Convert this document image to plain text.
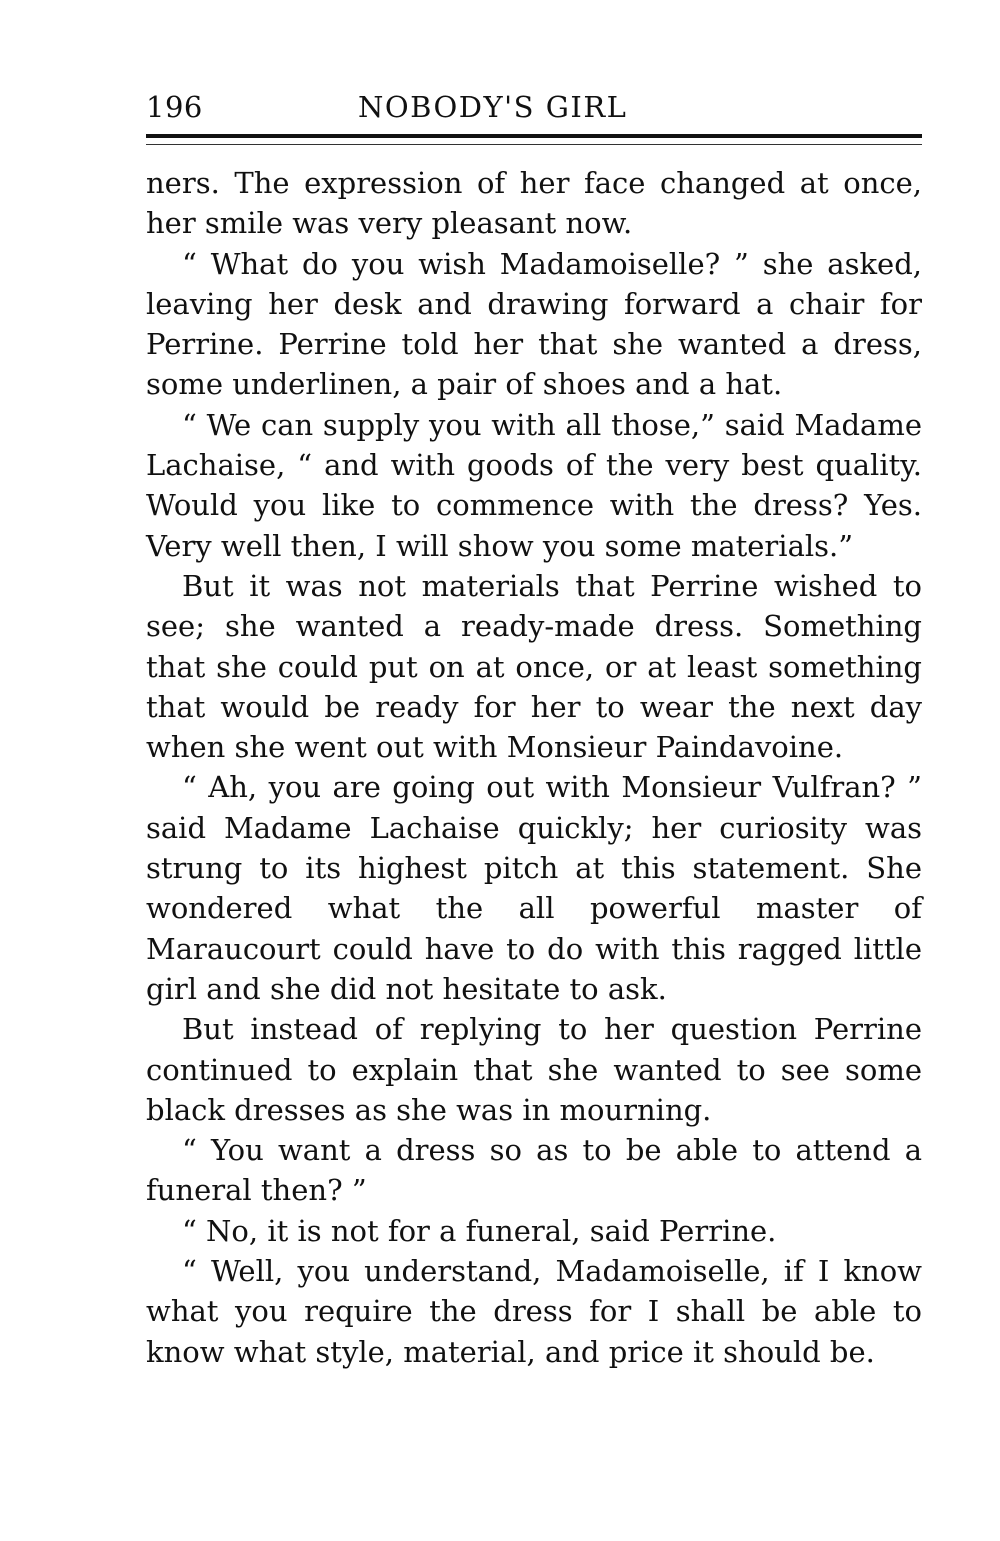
196	NOBODY'S GIRL

ners. The expression of her face changed at once, her smile was very pleasant now.

“ What do you wish Madamoiselle? ” she asked, leaving her desk and drawing forward a chair for Perrine. Perrine told her that she wanted a dress, some underlinen, a pair of shoes and a hat.

“ We can supply you with all those,” said Madame Lachaise, “ and with goods of the very best quality. Would you like to commence with the dress? Yes. Very well then, I will show you some materials.”

But it was not materials that Perrine wished to see; she wanted a ready-made dress. Something that she could put on at once, or at least something that would be ready for her to wear the next day when she went out with Monsieur Paindavoine.

“ Ah, you are going out with Monsieur Vulfran? ” said Madame Lachaise quickly; her curiosity was strung to its highest pitch at this statement. She wondered what the all powerful master of Maraucourt could have to do with this ragged little girl and she did not hesitate to ask.

But instead of replying to her question Perrine continued to explain that she wanted to see some black dresses as she was in mourning.

“ You want a dress so as to be able to attend a funeral then? ”

“ No, it is not for a funeral, said Perrine.

“ Well, you understand, Madamoiselle, if I know what you require the dress for I shall be able to know what style, material, and price it should be.
